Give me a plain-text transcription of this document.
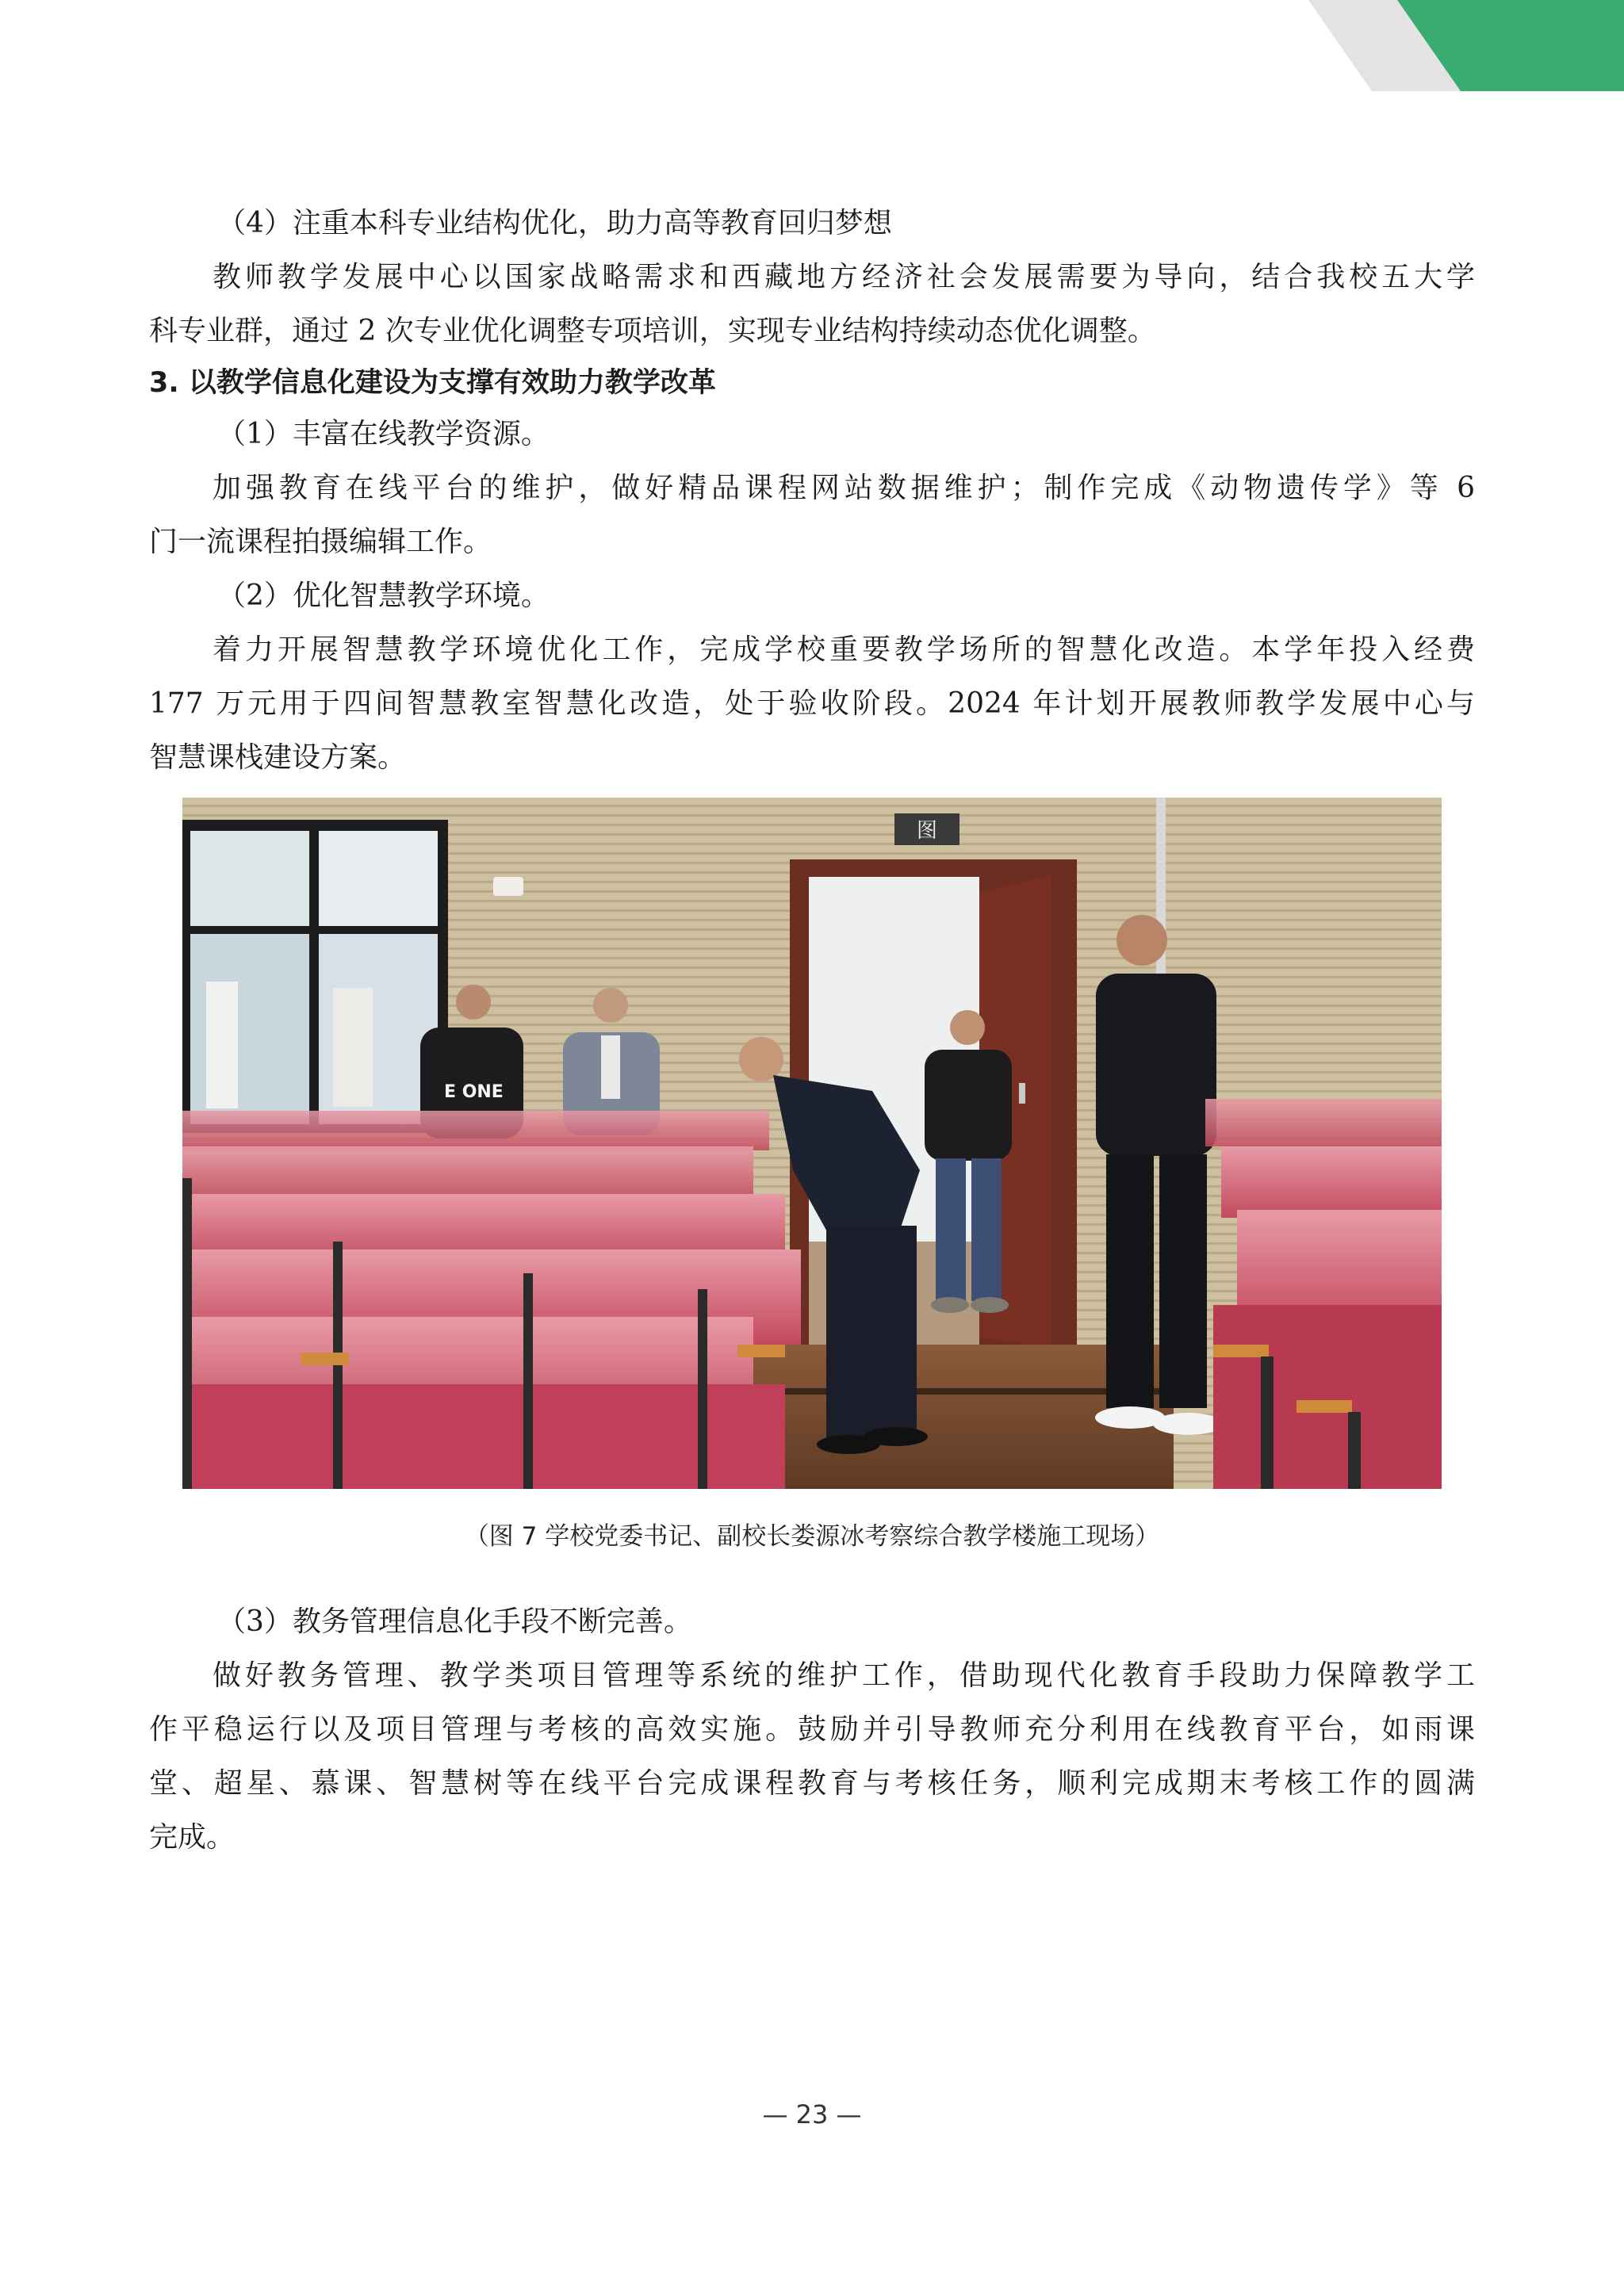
（4）注重本科专业结构优化，助力高等教育回归梦想

教师教学发展中心以国家战略需求和西藏地方经济社会发展需要为导向，结合我校五大学

科专业群，通过 2 次专业优化调整专项培训，实现专业结构持续动态优化调整。

3. 以教学信息化建设为支撑有效助力教学改革

（1）丰富在线教学资源。

加强教育在线平台的维护，做好精品课程网站数据维护；制作完成《动物遗传学》等 6

门一流课程拍摄编辑工作。

（2）优化智慧教学环境。

着力开展智慧教学环境优化工作，完成学校重要教学场所的智慧化改造。本学年投入经费

177 万元用于四间智慧教室智慧化改造，处于验收阶段。2024 年计划开展教师教学发展中心与

智慧课栈建设方案。

图
E ONE
（图 7 学校党委书记、副校长娄源冰考察综合教学楼施工现场）

（3）教务管理信息化手段不断完善。

做好教务管理、教学类项目管理等系统的维护工作，借助现代化教育手段助力保障教学工

作平稳运行以及项目管理与考核的高效实施。鼓励并引导教师充分利用在线教育平台，如雨课

堂、超星、慕课、智慧树等在线平台完成课程教育与考核任务，顺利完成期末考核工作的圆满

完成。

— 23 —
